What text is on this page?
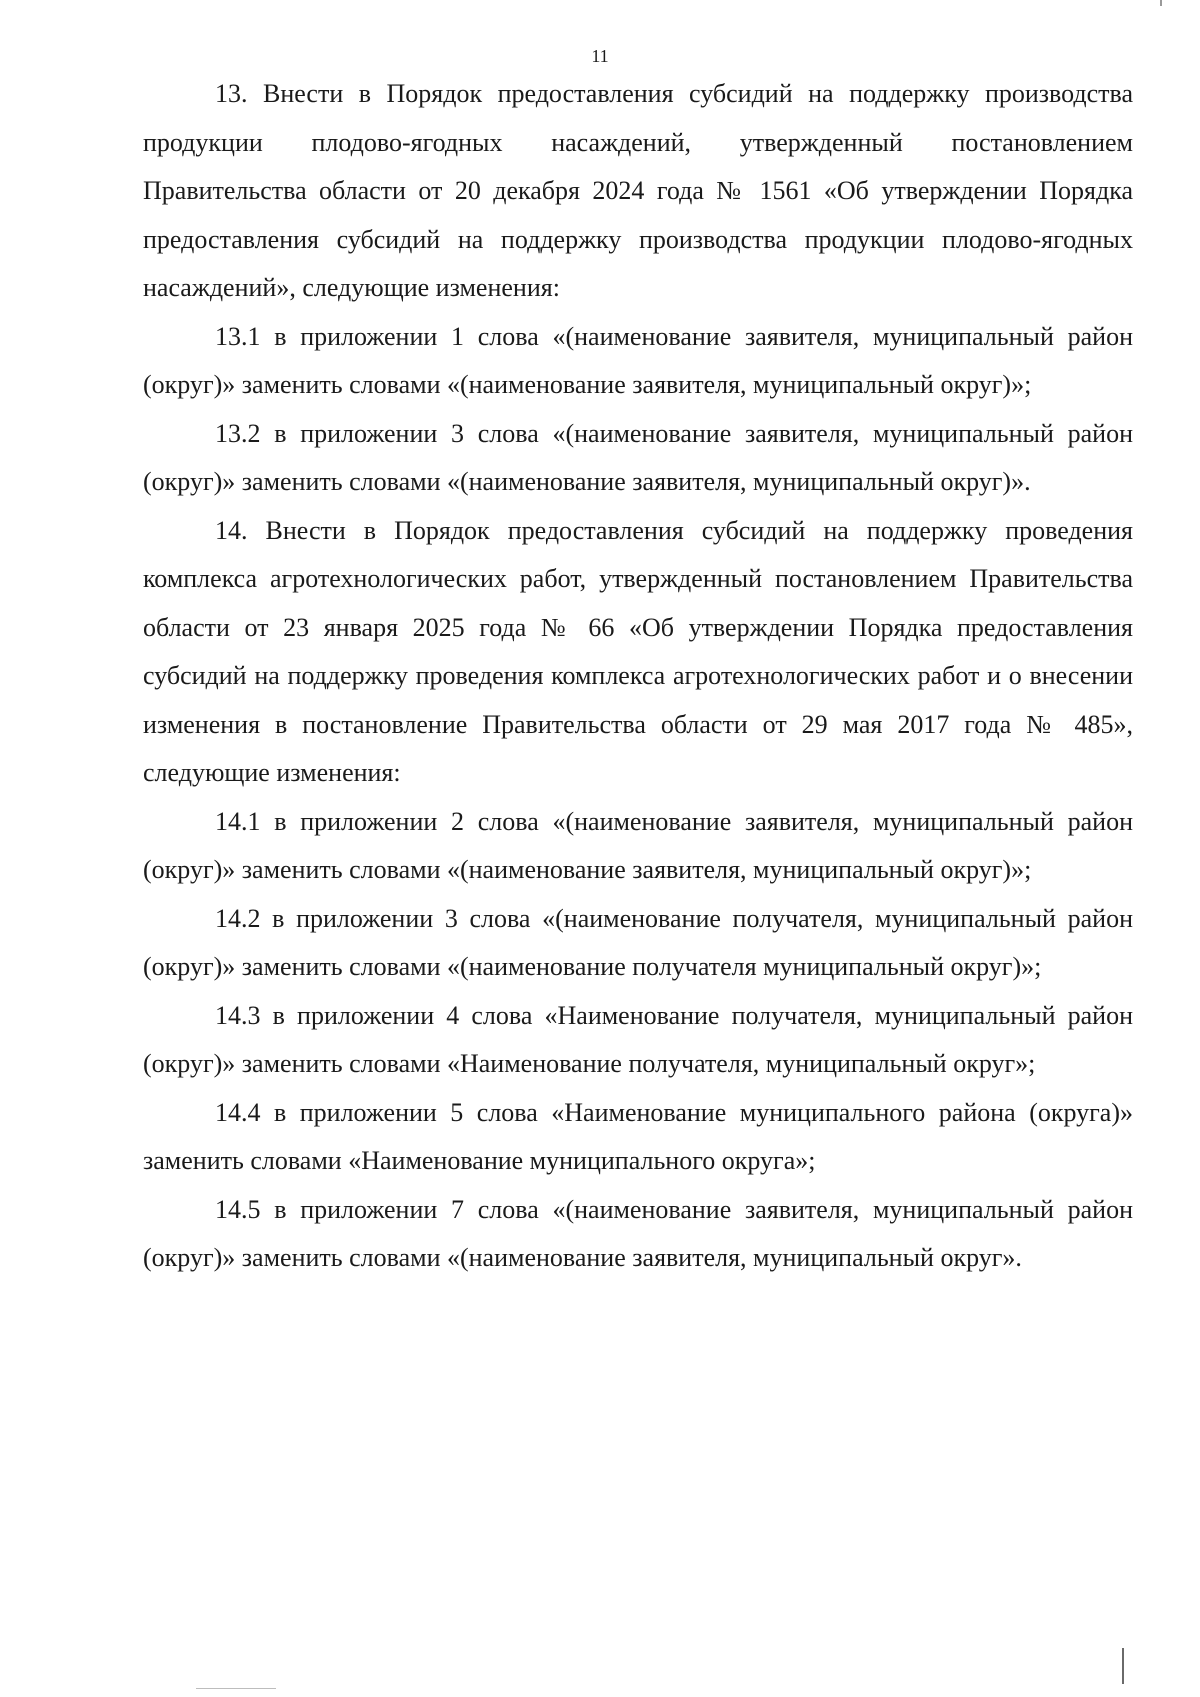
11

13. Внести в Порядок предоставления субсидий на поддержку производства продукции плодово-ягодных насаждений, утвержденный постановлением Правительства области от 20 декабря 2024 года № 1561 «Об утверждении Порядка предоставления субсидий на поддержку производства продукции плодово-ягодных насаждений», следующие изменения:

13.1 в приложении 1 слова «(наименование заявителя, муниципальный район (округ)» заменить словами «(наименование заявителя, муниципальный округ)»;

13.2 в приложении 3 слова «(наименование заявителя, муниципальный район (округ)» заменить словами «(наименование заявителя, муниципальный округ)».

14. Внести в Порядок предоставления субсидий на поддержку проведения комплекса агротехнологических работ, утвержденный постановлением Правительства области от 23 января 2025 года № 66 «Об утверждении Порядка предоставления субсидий на поддержку проведения комплекса агротехнологических работ и о внесении изменения в постановление Правительства области от 29 мая 2017 года № 485», следующие изменения:

14.1 в приложении 2 слова «(наименование заявителя, муниципальный район (округ)» заменить словами «(наименование заявителя, муниципальный округ)»;

14.2 в приложении 3 слова «(наименование получателя, муниципальный район (округ)» заменить словами «(наименование получателя муниципальный округ)»;

14.3 в приложении 4 слова «Наименование получателя, муниципальный район (округ)» заменить словами «Наименование получателя, муниципальный округ»;

14.4 в приложении 5 слова «Наименование муниципального района (округа)» заменить словами «Наименование муниципального округа»;

14.5 в приложении 7 слова «(наименование заявителя, муниципальный район (округ)» заменить словами «(наименование заявителя, муниципальный округ».
